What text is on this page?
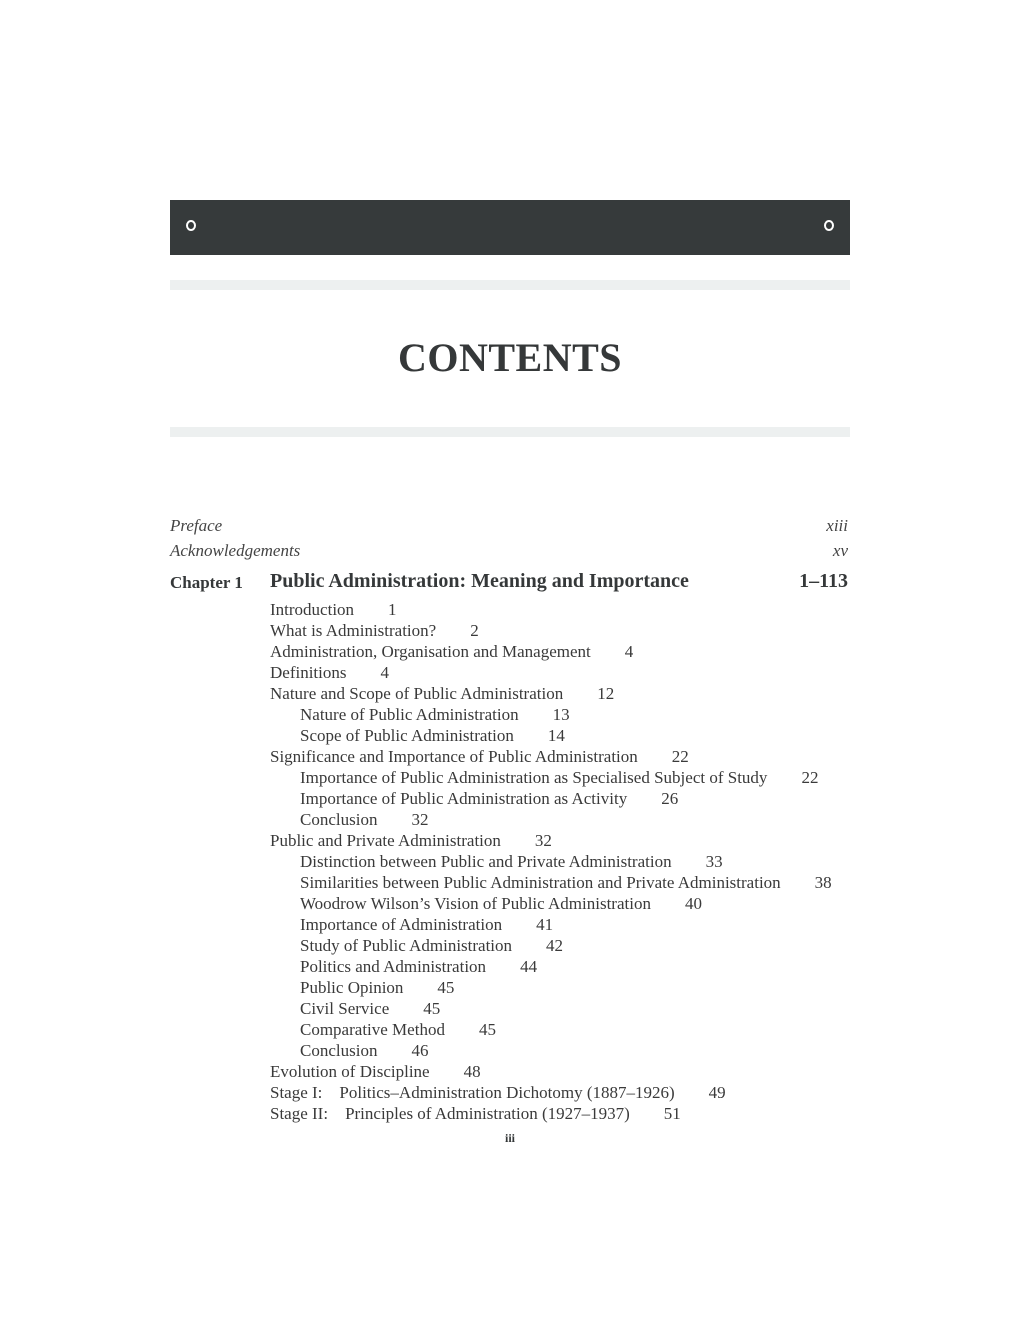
CONTENTS
Preface	xiii
Acknowledgements	xv
Chapter 1 Public Administration: Meaning and Importance	1–113
Introduction 1
What is Administration? 2
Administration, Organisation and Management 4
Definitions 4
Nature and Scope of Public Administration 12
Nature of Public Administration 13
Scope of Public Administration 14
Significance and Importance of Public Administration 22
Importance of Public Administration as Specialised Subject of Study 22
Importance of Public Administration as Activity 26
Conclusion 32
Public and Private Administration 32
Distinction between Public and Private Administration 33
Similarities between Public Administration and Private Administration 38
Woodrow Wilson’s Vision of Public Administration 40
Importance of Administration 41
Study of Public Administration 42
Politics and Administration 44
Public Opinion 45
Civil Service 45
Comparative Method 45
Conclusion 46
Evolution of Discipline 48
Stage I:    Politics–Administration Dichotomy (1887–1926) 49
Stage II:    Principles of Administration (1927–1937) 51
iii
